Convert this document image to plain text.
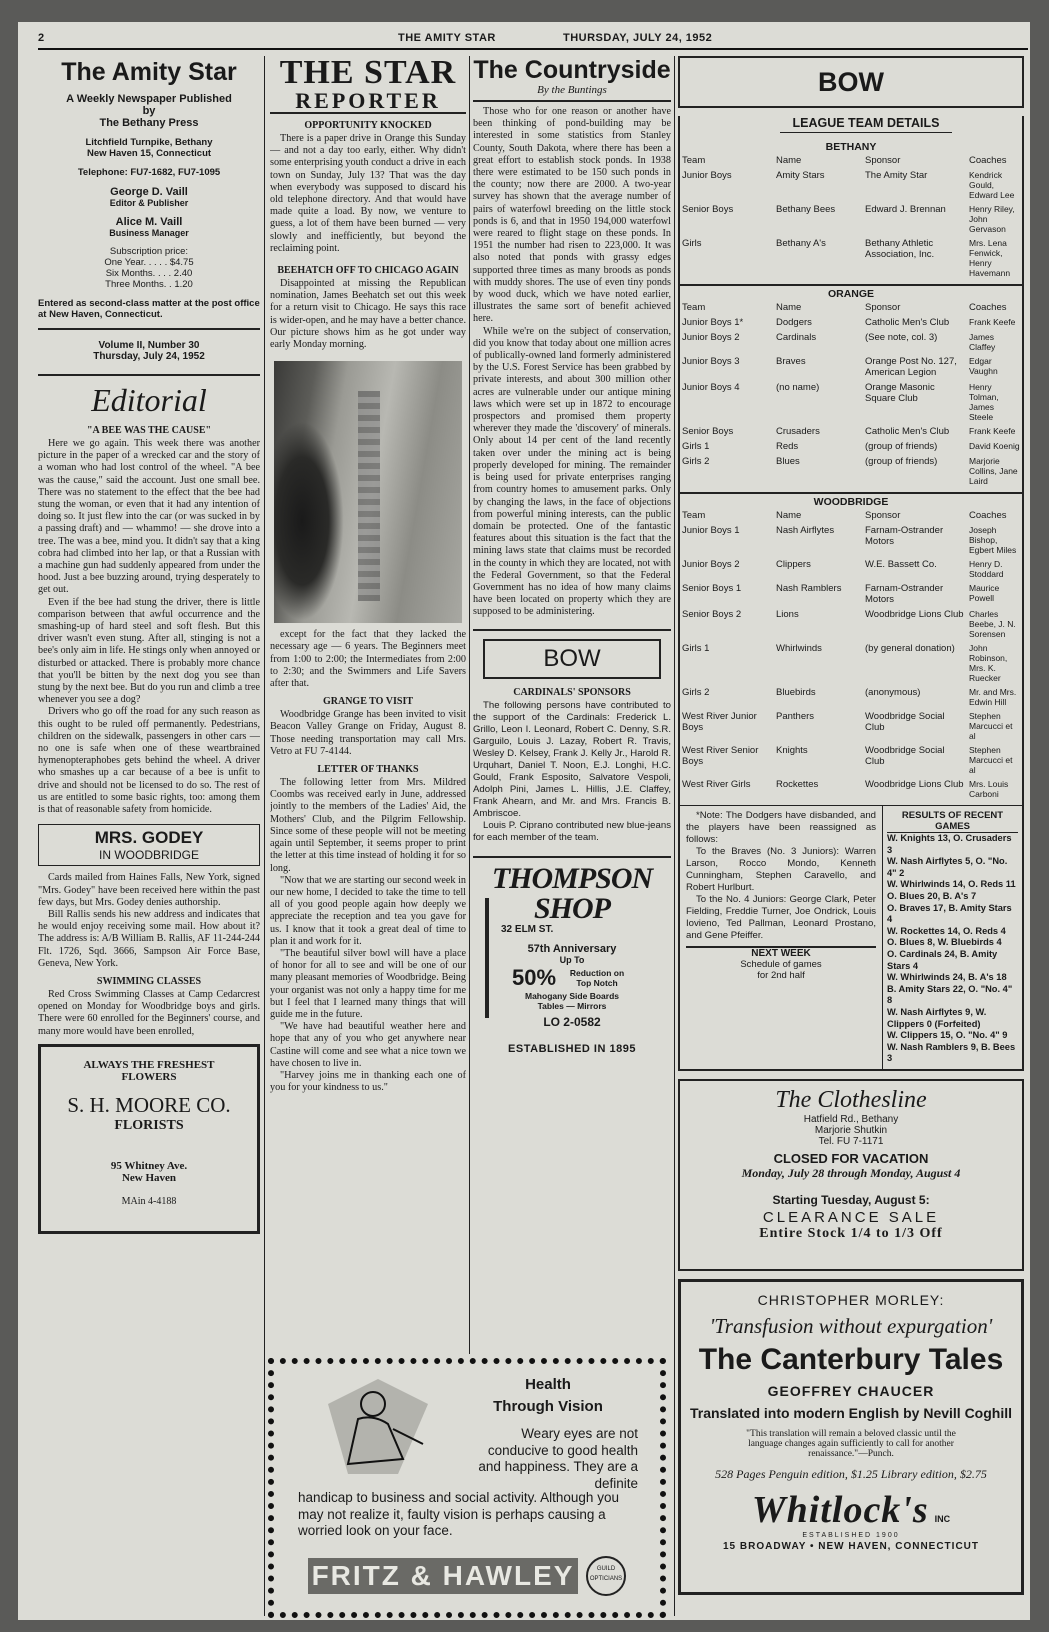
2	THE AMITY STAR	THURSDAY, JULY 24, 1952
The Amity Star
A Weekly Newspaper Published
by
The Bethany Press
Litchfield Turnpike, Bethany
New Haven 15, Connecticut
Telephone: FU7-1682, FU7-1095
George D. Vaill
Editor & Publisher
Alice M. Vaill
Business Manager
Subscription price:
One Year. . . . . $4.75
Six Months. . . . 2.40
Three Months. . 1.20
Entered as second-class matter at the post office at New Haven, Connecticut.
Volume II, Number 30
Thursday, July 24, 1952
Editorial
"A BEE WAS THE CAUSE"

Here we go again. This week there was another picture in the paper of a wrecked car and the story of a woman who had lost control of the wheel. "A bee was the cause," said the account. Just one small bee. There was no statement to the effect that the bee had stung the woman, or even that it had any intention of doing so. It just flew into the car (or was sucked in by a passing draft) and — whammo! — she drove into a tree. The was a bee, mind you. It didn't say that a king cobra had climbed into her lap, or that a Russian with a machine gun had suddenly appeared from under the hood. Just a bee buzzing around, trying desperately to get out.

Even if the bee had stung the driver, there is little comparison between that awful occurrence and the smashing-up of hard steel and soft flesh. But this driver wasn't even stung. After all, stinging is not a bee's only aim in life. He stings only when annoyed or disturbed or attacked. There is probably more chance that you'll be bitten by the next dog you see than stung by the next bee. But do you run and climb a tree whenever you see a dog?

Drivers who go off the road for any such reason as this ought to be ruled off permanently. Pedestrians, children on the sidewalk, passengers in other cars — no one is safe when one of these weartbrained hymenopteraphobes gets behind the wheel. A driver who smashes up a car because of a bee is unfit to drive and should not be licensed to do so. The rest of us are entitled to some basic rights, too: among them is that of reasonable safety from homicide.

MRS. GODEY
IN WOODBRIDGE

Cards mailed from Haines Falls, New York, signed "Mrs. Godey" have been received here within the past few days, but Mrs. Godey denies authorship.

Bill Rallis sends his new address and indicates that he would enjoy receiving some mail. How about it? The address is: A/B William B. Rallis, AF 11-244-244 Flt. 1726, Sqd. 3666, Sampson Air Force Base, Geneva, New York.

SWIMMING CLASSES

Red Cross Swimming Classes at Camp Cedarcrest opened on Monday for Woodbridge boys and girls. There were 60 enrolled for the Beginners' course, and many more would have been enrolled,

ALWAYS THE FRESHEST
FLOWERS
S. H. MOORE CO.
FLORISTS
95 Whitney Ave.
New Haven
MAin 4-4188
THE STAR
REPORTER
OPPORTUNITY KNOCKED

There is a paper drive in Orange this Sunday — and not a day too early, either. Why didn't some enterprising youth conduct a drive in each town on Sunday, July 13? That was the day when everybody was supposed to discard his old telephone directory. And that would have made quite a load. By now, we venture to guess, a lot of them have been burned — very slowly and inefficiently, but beyond the reclaiming point.

BEEHATCH OFF TO CHICAGO AGAIN

Disappointed at missing the Republican nomination, James Beehatch set out this week for a return visit to Chicago. He says this race is wider-open, and he may have a better chance. Our picture shows him as he got under way early Monday morning.

except for the fact that they lacked the necessary age — 6 years. The Beginners meet from 1:00 to 2:00; the Intermediates from 2:00 to 2:30; and the Swimmers and Life Savers after that.

GRANGE TO VISIT

Woodbridge Grange has been invited to visit Beacon Valley Grange on Friday, August 8. Those needing transportation may call Mrs. Vetro at FU 7-4144.

LETTER OF THANKS

The following letter from Mrs. Mildred Coombs was received early in June, addressed jointly to the members of the Ladies' Aid, the Mothers' Club, and the Pilgrim Fellowship. Since some of these people will not be meeting again until September, it seems proper to print the letter at this time instead of holding it for so long.

"Now that we are starting our second week in our new home, I decided to take the time to tell all of you good people again how deeply we appreciate the reception and tea you gave for us. I know that it took a great deal of time to plan it and work for it.

"The beautiful silver bowl will have a place of honor for all to see and will be one of our many pleasant memories of Woodbridge. Being your organist was not only a happy time for me but I feel that I learned many things that will guide me in the future.

"We have had beautiful weather here and hope that any of you who get anywhere near Castine will come and see what a nice town we have chosen to live in.

"Harvey joins me in thanking each one of you for your kindness to us."

The Countryside
By the Buntings

Those who for one reason or another have been thinking of pond-building may be interested in some statistics from Stanley County, South Dakota, where there has been a great effort to establish stock ponds. In 1938 there were estimated to be 150 such ponds in the county; now there are 2000. A two-year survey has shown that the average number of pairs of waterfowl breeding on the little stock ponds is 6, and that in 1950 194,000 waterfowl were reared to flight stage on these ponds. In 1951 the number had risen to 223,000. It was also noted that ponds with grassy edges supported three times as many broods as ponds with muddy shores. The use of even tiny ponds by wood duck, which we have noted earlier, illustrates the same sort of benefit achieved here.

While we're on the subject of conservation, did you know that today about one million acres of publically-owned land formerly administered by the U.S. Forest Service has been grabbed by private interests, and about 300 million other acres are vulnerable under our antique mining laws which were set up in 1872 to encourage prospectors and promised them property wherever they made the 'discovery' of minerals. Only about 14 per cent of the land recently taken over under the mining act is being properly developed for mining. The remainder is being used for private enterprises ranging from country homes to amusement parks. Only by changing the laws, in the face of objections from powerful mining interests, can the public domain be protected. One of the fantastic features about this situation is the fact that the mining laws state that claims must be recorded in the county in which they are located, not with the Federal Government, so that the Federal Government has no idea of how many claims have been located on property which they are supposed to be administering.

BOW
CARDINALS' SPONSORS

The following persons have contributed to the support of the Cardinals: Frederick L. Grillo, Leon I. Leonard, Robert C. Denny, S.R. Garguilo, Louis J. Lazay, Robert R. Travis, Wesley D. Kelsey, Frank J. Kelly Jr., Harold R. Urquhart, Daniel T. Noon, E.J. Longhi, H.C. Gould, Frank Esposito, Salvatore Vespoli, Adolph Pini, James L. Hillis, J.E. Claffey, Frank Ahearn, and Mr. and Mrs. Francis B. Ambriscoe.

Louis P. Ciprano contributed new blue-jeans for each member of the team.

THOMPSON SHOP
32 ELM ST.
57th Anniversary
Up To
50%	Reduction on Top Notch
Mahogany Side Boards Tables — Mirrors
LO 2-0582
ESTABLISHED IN 1895
Health
Through Vision
Weary eyes are not conducive to good health and happiness. They are a definite
handicap to business and social activity. Although you may not realize it, faulty vision is perhaps causing a worried look on your face.
FRITZ & HAWLEY	GUILD OPTICIANS
BOW
LEAGUE TEAM DETAILS
BETHANY
Team	Name	Sponsor	Coaches
Junior Boys	Amity Stars	The Amity Star	Kendrick Gould, Edward Lee
Senior Boys	Bethany Bees	Edward J. Brennan	Henry Riley, John Gervason
Girls	Bethany A's	Bethany Athletic Association, Inc.	Mrs. Lena Fenwick, Henry Havemann
ORANGE
Team	Name	Sponsor	Coaches
Junior Boys 1*	Dodgers	Catholic Men's Club	Frank Keefe
Junior Boys 2	Cardinals	(See note, col. 3)	James Claffey
Junior Boys 3	Braves	Orange Post No. 127, American Legion	Edgar Vaughn
Junior Boys 4	(no name)	Orange Masonic Square Club	Henry Tolman, James Steele
Senior Boys	Crusaders	Catholic Men's Club	Frank Keefe
Girls 1	Reds	(group of friends)	David Koenig
Girls 2	Blues	(group of friends)	Marjorie Collins, Jane Laird
WOODBRIDGE
Team	Name	Sponsor	Coaches
Junior Boys 1	Nash Airflytes	Farnam-Ostrander Motors	Joseph Bishop, Egbert Miles
Junior Boys 2	Clippers	W.E. Bassett Co.	Henry D. Stoddard
Senior Boys 1	Nash Ramblers	Farnam-Ostrander Motors	Maurice Powell
Senior Boys 2	Lions	Woodbridge Lions Club	Charles Beebe, J. N. Sorensen
Girls 1	Whirlwinds	(by general donation)	John Robinson, Mrs. K. Ruecker
Girls 2	Bluebirds	(anonymous)	Mr. and Mrs. Edwin Hill
West River Junior Boys	Panthers	Woodbridge Social Club	Stephen Marcucci et al
West River Senior Boys	Knights	Woodbridge Social Club	Stephen Marcucci et al
West River Girls	Rockettes	Woodbridge Lions Club	Mrs. Louis Carboni

*Note: The Dodgers have disbanded, and the players have been reassigned as follows:

To the Braves (No. 3 Juniors): Warren Larson, Rocco Mondo, Kenneth Cunningham, Stephen Caravello, and Robert Hurlburt.

To the No. 4 Juniors: George Clark, Peter Fielding, Freddie Turner, Joe Ondrick, Louis Iovieno, Ted Pallman, Leonard Prostano, and Gene Pfeiffer.

NEXT WEEK
Schedule of games
for 2nd half
RESULTS OF RECENT GAMES
W. Knights 13, O. Crusaders 3
W. Nash Airflytes 5, O. "No. 4" 2
W. Whirlwinds 14, O. Reds 11
O. Blues 20, B. A's 7
O. Braves 17, B. Amity Stars 4
W. Rockettes 14, O. Reds 4
O. Blues 8, W. Bluebirds 4
O. Cardinals 24, B. Amity Stars 4
W. Whirlwinds 24, B. A's 18
B. Amity Stars 22, O. "No. 4" 8
W. Nash Airflytes 9, W. Clippers 0 (Forfeited)
W. Clippers 15, O. "No. 4" 9
W. Nash Ramblers 9, B. Bees 3
The Clothesline
Hatfield Rd., Bethany
Marjorie Shutkin
Tel. FU 7-1171
CLOSED FOR VACATION
Monday, July 28 through Monday, August 4
Starting Tuesday, August 5:
CLEARANCE SALE
Entire Stock 1/4 to 1/3 Off
CHRISTOPHER MORLEY:
'Transfusion without expurgation'
The Canterbury Tales
GEOFFREY CHAUCER
Translated into modern English by Nevill Coghill
"This translation will remain a beloved classic until the language changes again sufficiently to call for another renaissance."—Punch.
528 Pages Penguin edition, $1.25 Library edition, $2.75
Whitlock's INC
ESTABLISHED 1900
15 BROADWAY • NEW HAVEN, CONNECTICUT
